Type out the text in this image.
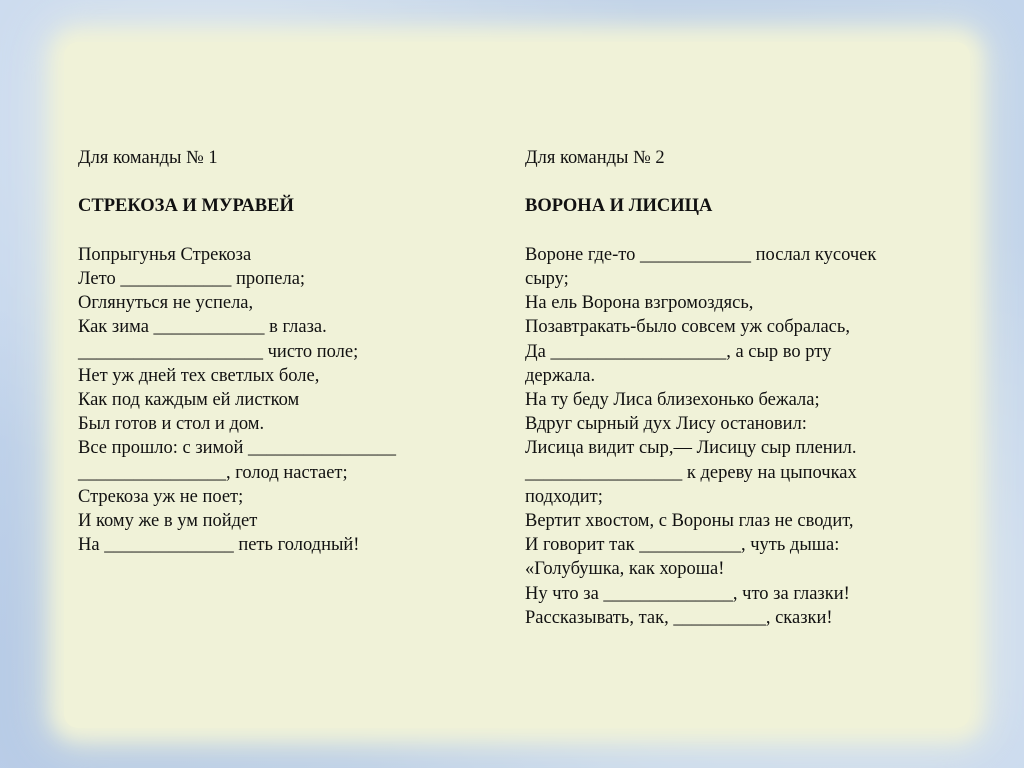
Для команды № 1

СТРЕКОЗА И МУРАВЕЙ

Попрыгунья Стрекоза

Лето ____________ пропела;

Оглянуться не успела,

Как зима ____________ в глаза.

____________________ чисто поле;

Нет уж дней тех светлых боле,

Как под каждым ей листком

Был готов и стол и дом.

Все прошло: с зимой ________________

________________, голод настает;

Стрекоза уж не поет;

И кому же в ум пойдет

На ______________ петь голодный!

Для команды № 2

ВОРОНА И ЛИСИЦА

Вороне где-то ____________ послал кусочек

сыру;

На ель Ворона взгромоздясь,

Позавтракать-было совсем уж собралась,

Да ___________________, а сыр во рту

держала.

На ту беду Лиса близехонько бежала;

Вдруг сырный дух Лису остановил:

Лисица видит сыр,— Лисицу сыр пленил.

_________________ к дереву на цыпочках

подходит;

Вертит хвостом, с Вороны глаз не сводит,

И говорит так ___________, чуть дыша:

«Голубушка, как хороша!

Ну что за ______________, что за глазки!

Рассказывать, так, __________, сказки!
